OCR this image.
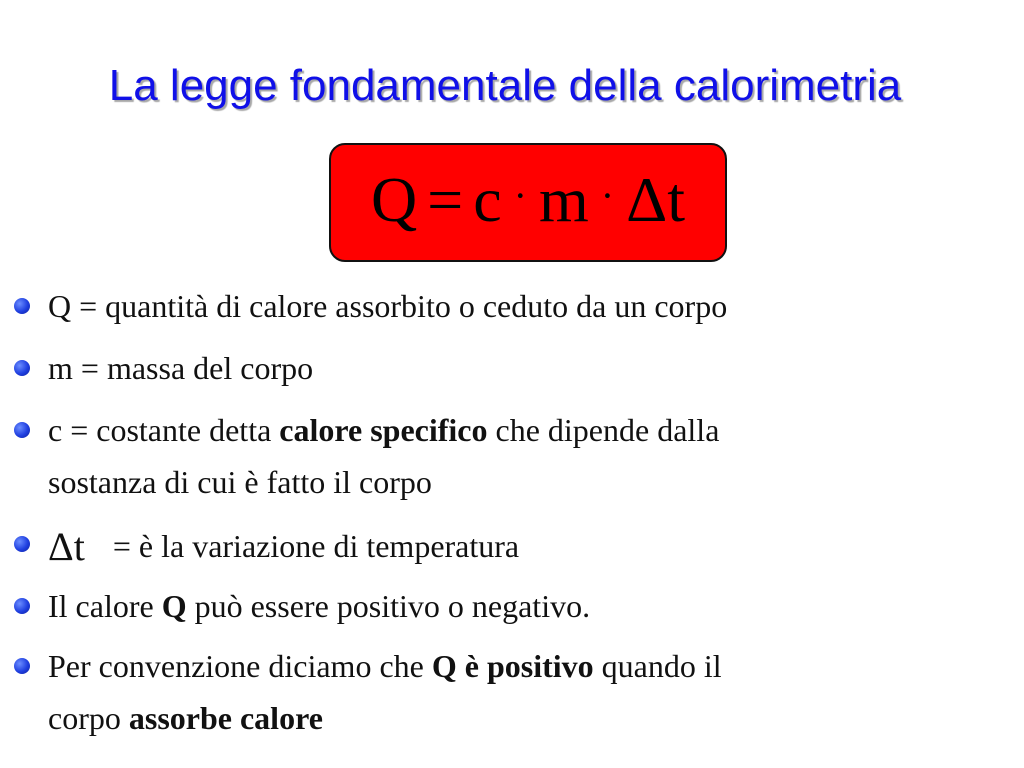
La legge fondamentale della calorimetria
Q = c · m · Δt
Q = quantità di calore assorbito o ceduto da un corpo
m = massa del corpo
c = costante detta calore specifico che dipende dalla
sostanza di cui è fatto il corpo
Δt = è la variazione di temperatura
Il calore Q può essere positivo o negativo.
Per convenzione diciamo che Q è positivo quando il
corpo assorbe calore
